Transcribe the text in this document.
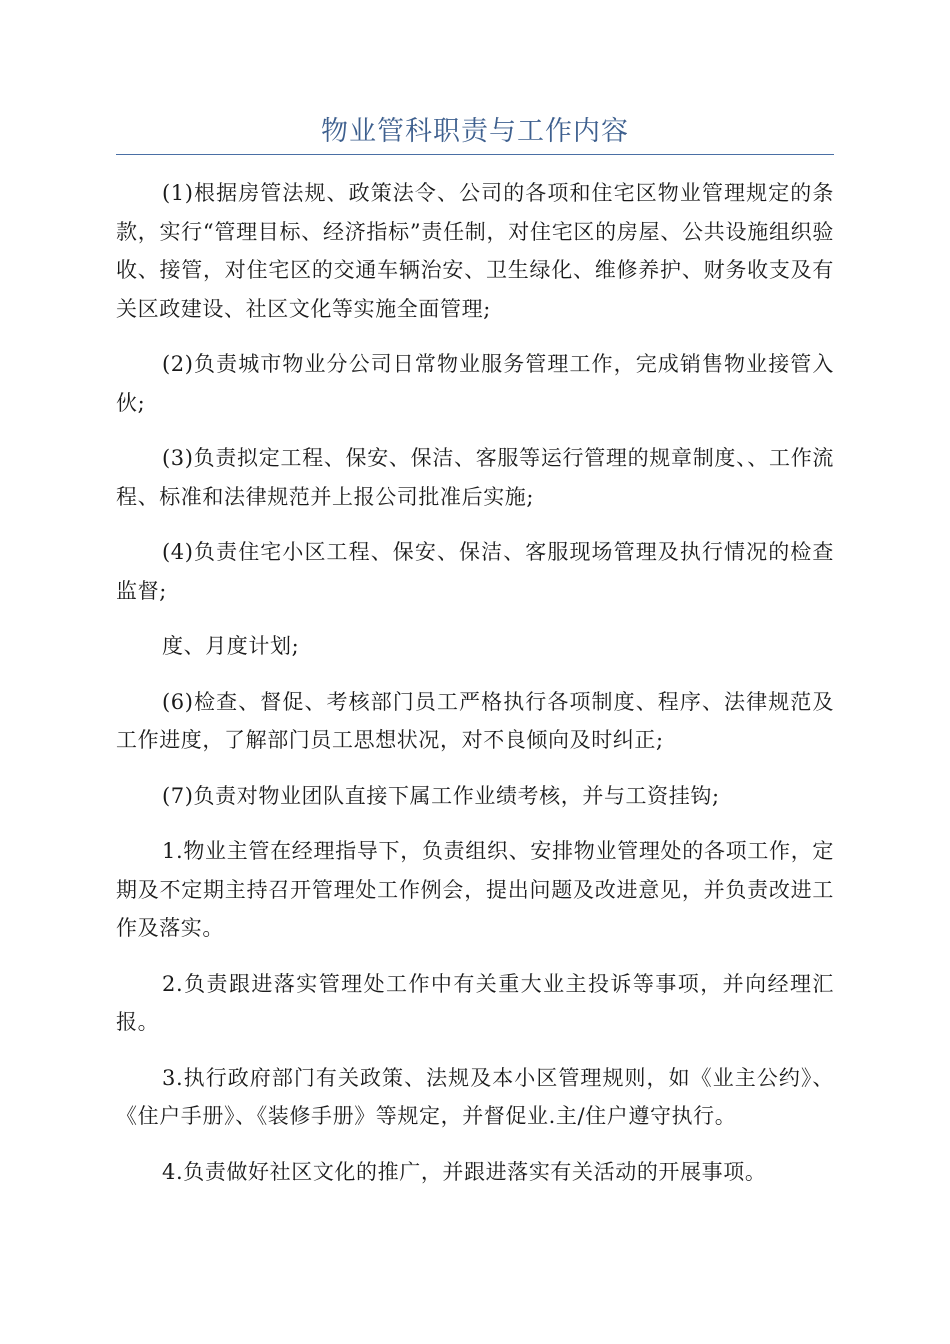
物业管科职责与工作内容

(1)根据房管法规、政策法令、公司的各项和住宅区物业管理规定的条款，实行“管理目标、经济指标”责任制，对住宅区的房屋、公共设施组织验收、接管，对住宅区的交通车辆治安、卫生绿化、维修养护、财务收支及有关区政建设、社区文化等实施全面管理;

(2)负责城市物业分公司日常物业服务管理工作，完成销售物业接管入伙;

(3)负责拟定工程、保安、保洁、客服等运行管理的规章制度、、工作流程、标准和法律规范并上报公司批准后实施;

(4)负责住宅小区工程、保安、保洁、客服现场管理及执行情况的检查监督;

度、月度计划;

(6)检查、督促、考核部门员工严格执行各项制度、程序、法律规范及工作进度，了解部门员工思想状况，对不良倾向及时纠正;

(7)负责对物业团队直接下属工作业绩考核，并与工资挂钩;

1.物业主管在经理指导下，负责组织、安排物业管理处的各项工作，定期及不定期主持召开管理处工作例会，提出问题及改进意见，并负责改进工作及落实。

2.负责跟进落实管理处工作中有关重大业主投诉等事项，并向经理汇报。

3.执行政府部门有关政策、法规及本小区管理规则，如《业主公约》、《住户手册》、《装修手册》等规定，并督促业.主/住户遵守执行。

4.负责做好社区文化的推广，并跟进落实有关活动的开展事项。
